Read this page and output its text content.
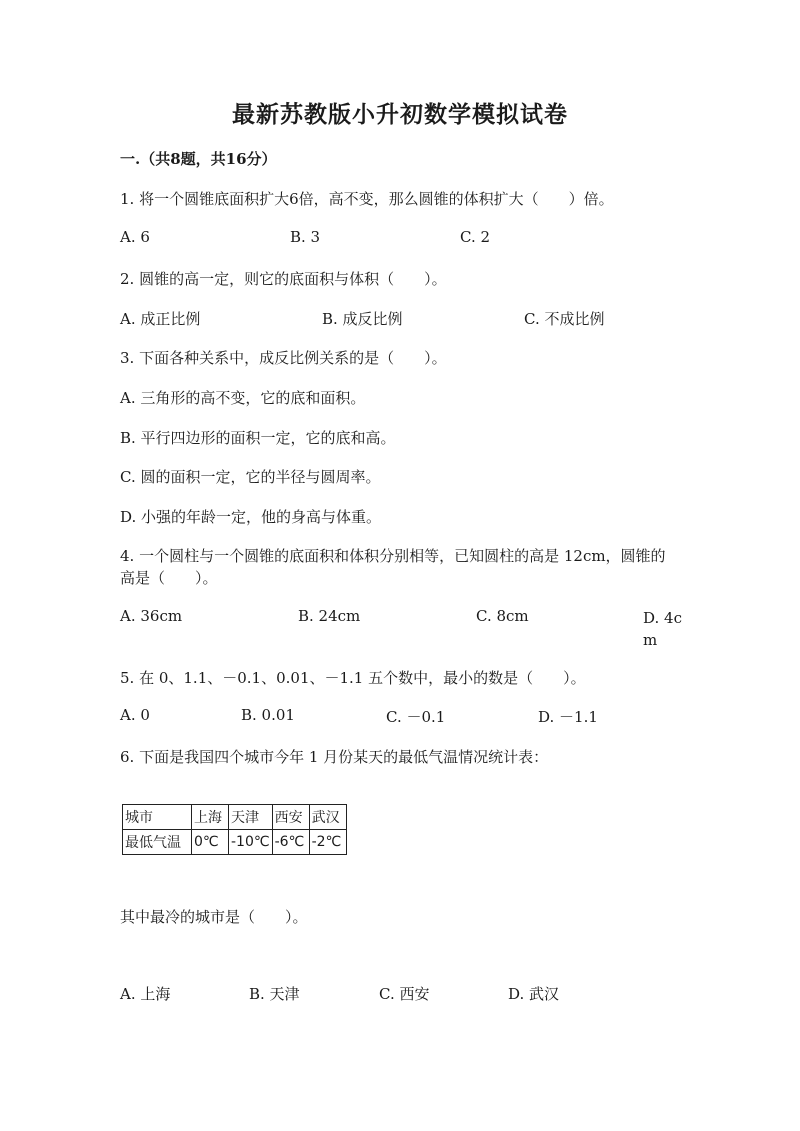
最新苏教版小升初数学模拟试卷
一.（共8题，共16分）
1. 将一个圆锥底面积扩大6倍，高不变，那么圆锥的体积扩大（　　）倍。
A. 6	B. 3	C. 2
2. 圆锥的高一定，则它的底面积与体积（　　）。
A. 成正比例	B. 成反比例	C. 不成比例
3. 下面各种关系中，成反比例关系的是（　　）。
A. 三角形的高不变，它的底和面积。
B. 平行四边形的面积一定，它的底和高。
C. 圆的面积一定，它的半径与圆周率。
D. 小强的年龄一定，他的身高与体重。
4. 一个圆柱与一个圆锥的底面积和体积分别相等，已知圆柱的高是 12cm，圆锥的高是（　　）。
A. 36cm	B. 24cm	C. 8cm	D. 4cm
5. 在 0、1.1、－0.1、0.01、－1.1 五个数中，最小的数是（　　）。
A. 0	B. 0.01	C. －0.1	D. －1.1
6. 下面是我国四个城市今年 1 月份某天的最低气温情况统计表：
城市	上海	天津	西安	武汉
最低气温	0℃	-10℃	-6℃	-2℃
其中最冷的城市是（　　）。
A. 上海	B. 天津	C. 西安	D. 武汉
